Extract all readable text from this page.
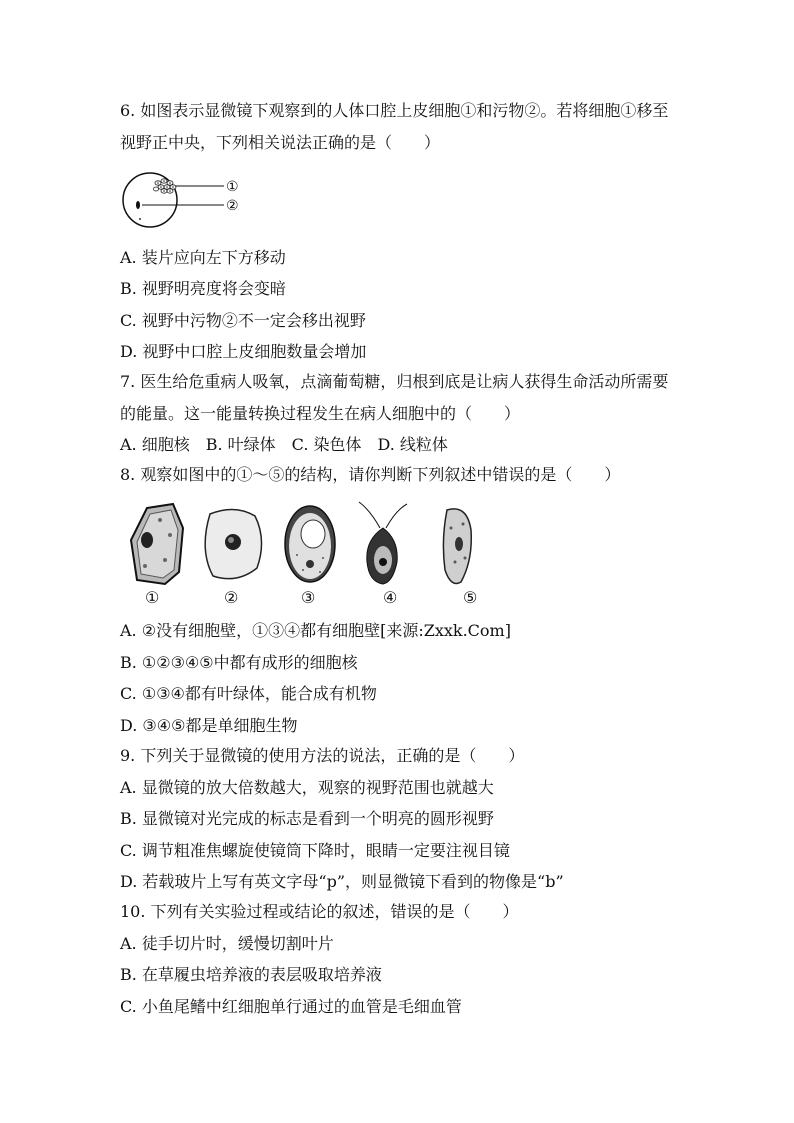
6. 如图表示显微镜下观察到的人体口腔上皮细胞①和污物②。若将细胞①移至
视野正中央，下列相关说法正确的是（　　）
①
②
A. 装片应向左下方移动
B. 视野明亮度将会变暗
C. 视野中污物②不一定会移出视野
D. 视野中口腔上皮细胞数量会增加
7. 医生给危重病人吸氧，点滴葡萄糖，归根到底是让病人获得生命活动所需要
的能量。这一能量转换过程发生在病人细胞中的（　　）
A. 细胞核　B. 叶绿体　C. 染色体　D. 线粒体
8. 观察如图中的①～⑤的结构，请你判断下列叙述中错误的是（　　）
①	②	③	④	⑤
A. ②没有细胞壁，①③④都有细胞壁[来源:Zxxk.Com]
B. ①②③④⑤中都有成形的细胞核
C. ①③④都有叶绿体，能合成有机物
D. ③④⑤都是单细胞生物
9. 下列关于显微镜的使用方法的说法，正确的是（　　）
A. 显微镜的放大倍数越大，观察的视野范围也就越大
B. 显微镜对光完成的标志是看到一个明亮的圆形视野
C. 调节粗准焦螺旋使镜筒下降时，眼睛一定要注视目镜
D. 若载玻片上写有英文字母“p”，则显微镜下看到的物像是“b”
10. 下列有关实验过程或结论的叙述，错误的是（　　）
A. 徒手切片时，缓慢切割叶片
B. 在草履虫培养液的表层吸取培养液
C. 小鱼尾鳍中红细胞单行通过的血管是毛细血管
